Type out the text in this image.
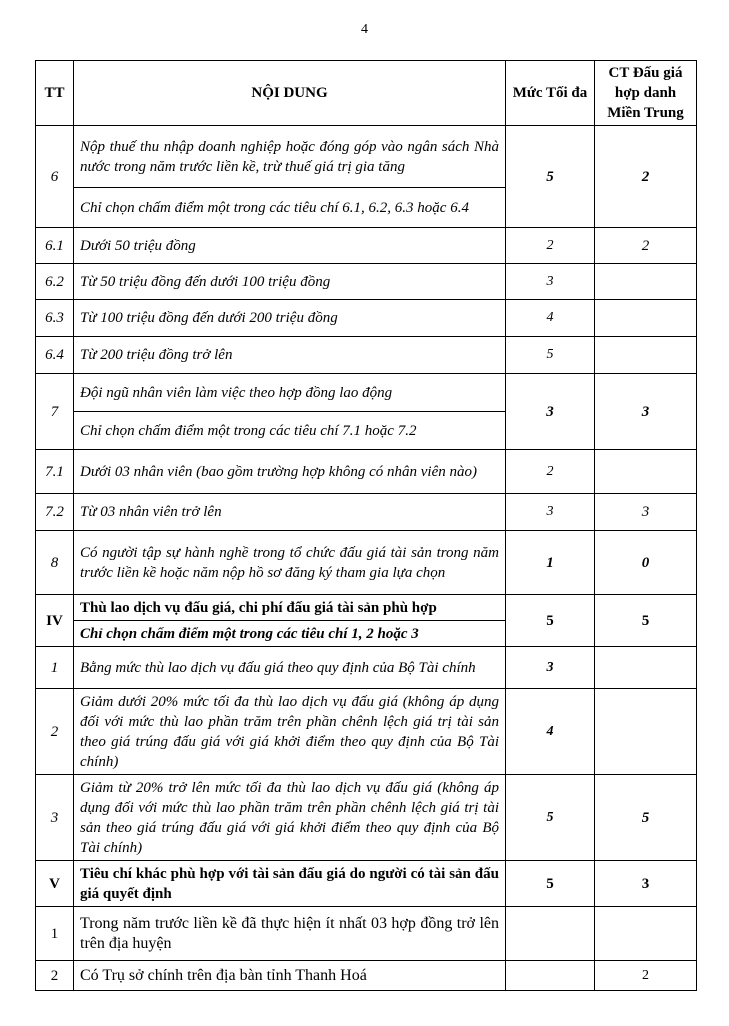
4
TT	NỘI DUNG	Mức Tối đa	CT Đấu giá hợp danh Miền Trung
6	Nộp thuế thu nhập doanh nghiệp hoặc đóng góp vào ngân sách Nhà nước trong năm trước liền kề, trừ thuế giá trị gia tăng	5	2
	Chỉ chọn chấm điểm một trong các tiêu chí 6.1, 6.2, 6.3 hoặc 6.4		
6.1	Dưới 50 triệu đồng	2	2
6.2	Từ 50 triệu đồng đến dưới 100 triệu đồng	3	
6.3	Từ 100 triệu đồng đến dưới 200 triệu đồng	4	
6.4	Từ 200 triệu đồng trở lên	5	
7	Đội ngũ nhân viên làm việc theo hợp đồng lao động	3	3
	Chỉ chọn chấm điểm một trong các tiêu chí 7.1 hoặc 7.2		
7.1	Dưới 03 nhân viên (bao gồm trường hợp không có nhân viên nào)	2	
7.2	Từ 03 nhân viên trở lên	3	3
8	Có người tập sự hành nghề trong tổ chức đấu giá tài sản trong năm trước liền kề hoặc năm nộp hồ sơ đăng ký tham gia lựa chọn	1	0
IV	Thù lao dịch vụ đấu giá, chi phí đấu giá tài sản phù hợp	5	5
	Chỉ chọn chấm điểm một trong các tiêu chí 1, 2 hoặc 3		
1	Bằng mức thù lao dịch vụ đấu giá theo quy định của Bộ Tài chính	3	
2	Giảm dưới 20% mức tối đa thù lao dịch vụ đấu giá (không áp dụng đối với mức thù lao phần trăm trên phần chênh lệch giá trị tài sản theo giá trúng đấu giá với giá khởi điểm theo quy định của Bộ Tài chính)	4	
3	Giảm từ 20% trở lên mức tối đa thù lao dịch vụ đấu giá (không áp dụng đối với mức thù lao phần trăm trên phần chênh lệch giá trị tài sản theo giá trúng đấu giá với giá khởi điểm theo quy định của Bộ Tài chính)	5	5
V	Tiêu chí khác phù hợp với tài sản đấu giá do người có tài sản đấu giá quyết định	5	3
1	Trong năm trước liền kề đã thực hiện ít nhất 03 hợp đồng trở lên trên địa huyện		
2	Có Trụ sở chính trên địa bàn tỉnh Thanh Hoá		2
